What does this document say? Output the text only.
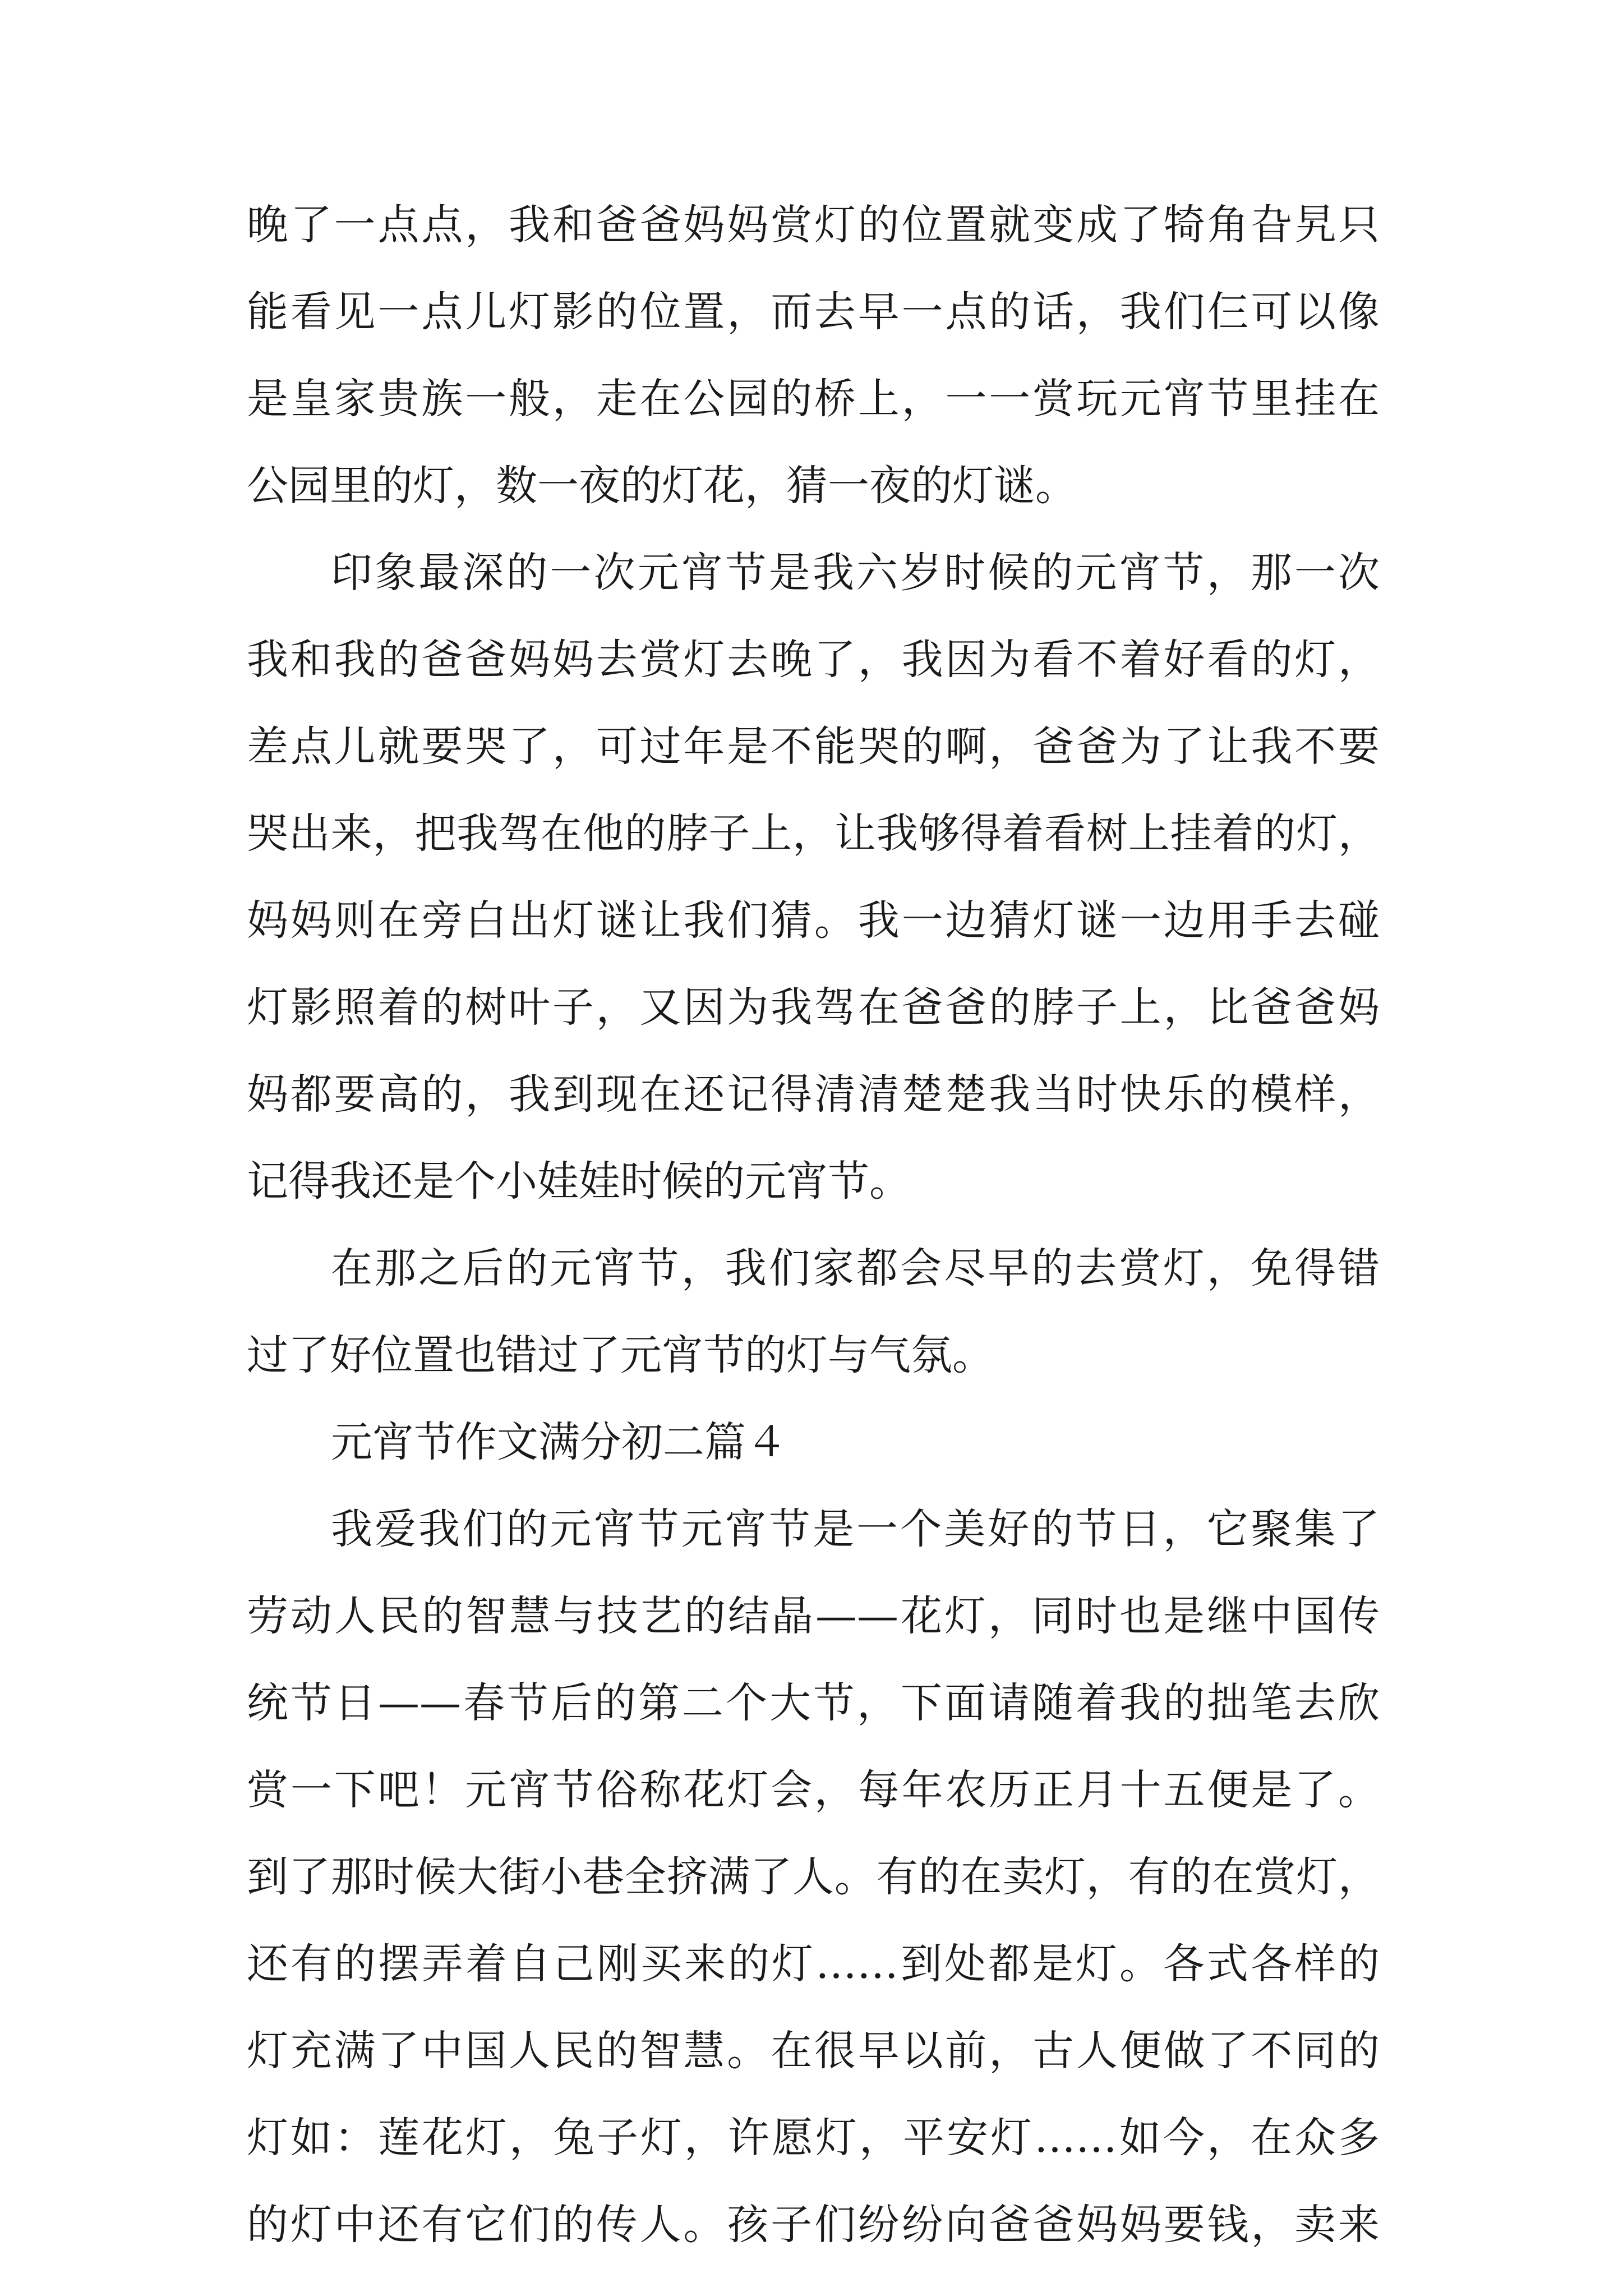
晚了一点点，我和爸爸妈妈赏灯的位置就变成了犄角旮旯只
能看见一点儿灯影的位置，而去早一点的话，我们仨可以像
是皇家贵族一般，走在公园的桥上，一一赏玩元宵节里挂在
公园里的灯，数一夜的灯花，猜一夜的灯谜。
印象最深的一次元宵节是我六岁时候的元宵节，那一次
我和我的爸爸妈妈去赏灯去晚了，我因为看不着好看的灯，
差点儿就要哭了，可过年是不能哭的啊，爸爸为了让我不要
哭出来，把我驾在他的脖子上，让我够得着看树上挂着的灯，
妈妈则在旁白出灯谜让我们猜。我一边猜灯谜一边用手去碰
灯影照着的树叶子，又因为我驾在爸爸的脖子上，比爸爸妈
妈都要高的，我到现在还记得清清楚楚我当时快乐的模样，
记得我还是个小娃娃时候的元宵节。
在那之后的元宵节，我们家都会尽早的去赏灯，免得错
过了好位置也错过了元宵节的灯与气氛。
元宵节作文满分初二篇４
我爱我们的元宵节元宵节是一个美好的节日，它聚集了
劳动人民的智慧与技艺的结晶——花灯，同时也是继中国传
统节日——春节后的第二个大节，下面请随着我的拙笔去欣
赏一下吧！元宵节俗称花灯会，每年农历正月十五便是了。
到了那时候大街小巷全挤满了人。有的在卖灯，有的在赏灯，
还有的摆弄着自己刚买来的灯……到处都是灯。各式各样的
灯充满了中国人民的智慧。在很早以前，古人便做了不同的
灯如：莲花灯，兔子灯，许愿灯，平安灯……如今，在众多
的灯中还有它们的传人。孩子们纷纷向爸爸妈妈要钱，卖来
